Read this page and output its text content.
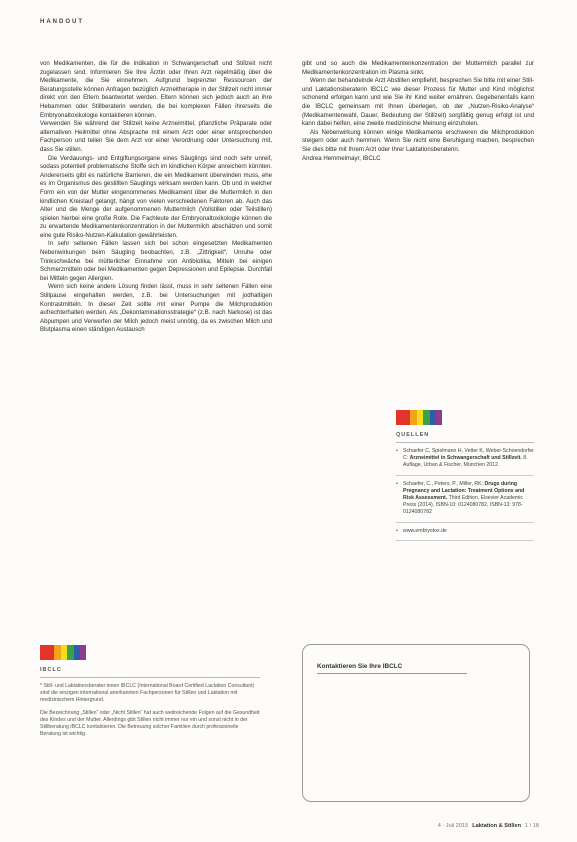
HANDOUT

von Medikamenten, die für die Indikation in Schwangerschaft und Stillzeit nicht zugelassen sind. Informieren Sie Ihre Ärztin oder Ihren Arzt regelmäßig über die Medikamente, die Sie einnehmen. Aufgrund begrenzter Ressourcen der Beratungsstelle können Anfragen bezüglich Arzneitherapie in der Stillzeit nicht immer direkt von den Eltern beantwortet werden. Eltern können sich jedoch auch an ihre Hebammen oder Stillberaterin wenden, die bei komplexen Fällen ihrerseits die Embryonaltoxikologie kontaktieren können.

Verwenden Sie während der Stillzeit keine Arzneimittel, pflanzliche Präparate oder alternativen Heilmittel ohne Absprache mit einem Arzt oder einer entsprechenden Fachperson und teilen Sie dem Arzt vor einer Verordnung oder Untersuchung mit, dass Sie stillen.

Die Verdauungs- und Entgiftungsorgane eines Säuglings sind noch sehr unreif, sodass potentiell problematische Stoffe sich im kindlichen Körper anreichern könnten. Andererseits gibt es natürliche Barrieren, die ein Medikament überwinden muss, ehe es im Organismus des gestillten Säuglings wirksam werden kann. Ob und in welcher Form ein von der Mutter eingenommenes Medikament über die Muttermilch in den kindlichen Kreislauf gelangt, hängt von vielen verschiedenen Faktoren ab. Auch das Alter und die Menge der aufgenommenen Muttermilch (Vollstillen oder Teilstillen) spielen hierbei eine große Rolle. Die Fachleute der Embryonaltoxikologie können die zu erwartende Medikamentenkonzentration in der Muttermilch abschätzen und somit eine gute Risiko-Nutzen-Kalkulation gewährleisten.

In sehr seltenen Fällen lassen sich bei schon eingesetzten Medikamenten Nebenwirkungen beim Säugling beobachten, z.B. „Zittrigkeit“, Unruhe oder Trinkschwäche bei mütterlicher Einnahme von Antibiotika, Mitteln bei einigen Schmerzmitteln oder bei Medikamenten gegen Depressionen und Epilepsie. Durchfall bei Mitteln gegen Allergien.

Wenn sich keine andere Lösung finden lässt, muss in sehr seltenen Fällen eine Stillpause eingehalten werden, z.B. bei Untersuchungen mit jodhaltigen Kontrastmitteln. In dieser Zeit sollte mit einer Pumpe die Milchproduktion aufrechterhalten werden. Als „Dekontaminationsstrategie“ (z.B. nach Narkose) ist das Abpumpen und Verwerfen der Milch jedoch meist unnötig, da es zwischen Milch und Blutplasma einen ständigen Austausch

gibt und so auch die Medikamentenkonzentration der Muttermilch parallel zur Medikamentenkonzentration im Plasma sinkt.

Wenn der behandelnde Arzt Abstillen empfiehlt, besprechen Sie bitte mit einer Still- und Laktationsberaterin IBCLC wie dieser Prozess für Mutter und Kind möglichst schonend erfolgen kann und wie Sie ihr Kind weiter ernähren. Gegebenenfalls kann die IBCLC gemeinsam mit Ihnen überlegen, ob der „Nutzen-Risiko-Analyse“ (Medikamentenwahl, Dauer, Bedeutung der Stillzeit) sorgfältig genug erfolgt ist und kann dabei helfen, eine zweite medizinische Meinung einzuholen.

Als Nebenwirkung können einige Medikamente erschweren die Milchproduktion steigern oder auch hemmen. Wenn Sie nicht eine Beruhigung machen, besprechen Sie dies bitte mit Ihrem Arzt oder Ihrer Laktationsberaterin.

Andrea Hemmelmayr, IBCLC

QUELLEN
• Schaefer C, Spielmann H, Vetter K, Weber-Schoendorfer C: Arzneimittel in Schwangerschaft und Stillzeit. 8. Auflage, Urban & Fischer, München 2012.
• Schaefer, C., Peters, P., Miller, RK: Drugs during Pregnancy and Lactation: Treatment Options and Risk Assessment. Third Edition, Elsevier Academic Press (2014), ISBN-10: 0124080782, ISBN-13: 978-0124080782
• www.embryotox.de
IBCLC

* Still- und Laktationsberater:innen IBCLC (International Board Certified Lactation Consultant) sind die einzigen international anerkannten Fachpersonen für Stillen und Laktation mit medizinischem Hintergrund.

Die Bezeichnung „Stillen“ oder „Nicht Stillen“ hat auch weitreichende Folgen auf die Gesundheit des Kindes und der Mutter. Allerdings gibt Stillen nicht immer nur ein und sonst nicht in der Stillberatung IBCLC kontaktieren. Die Betreuung solcher Familien durch professionelle Beratung ist wichtig.

Kontaktieren Sie Ihre IBCLC
4 · Juli 2015 Laktation & Stillen 1 / 18
